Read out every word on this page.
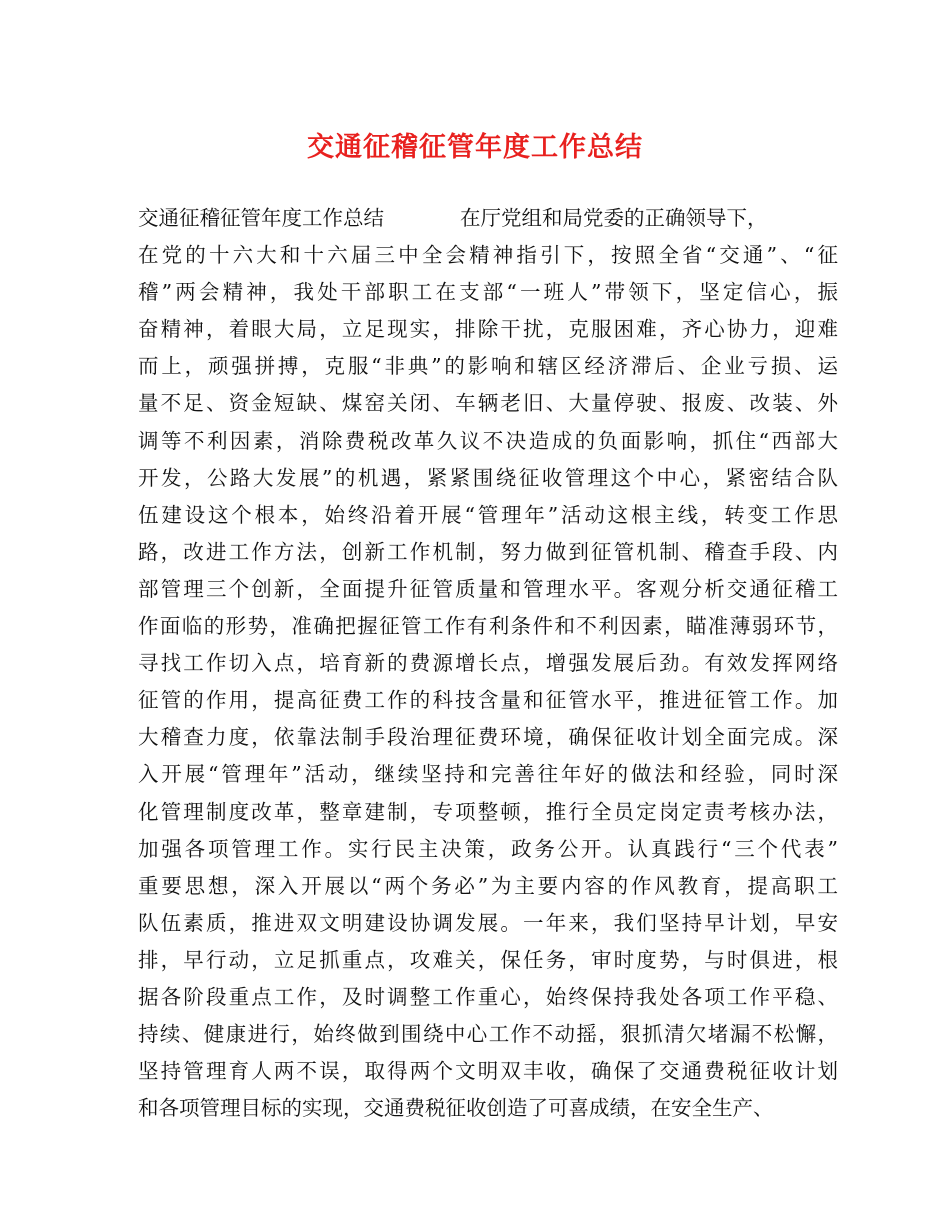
交通征稽征管年度工作总结
交通征稽征管年度工作总结	在厅党组和局党委的正确领导下，
在党的十六大和十六届三中全会精神指引下，按照全省“交通”、“征
稽”两会精神，我处干部职工在支部“一班人”带领下，坚定信心，振
奋精神，着眼大局，立足现实，排除干扰，克服困难，齐心协力，迎难
而上，顽强拼搏，克服“非典”的影响和辖区经济滞后、企业亏损、运
量不足、资金短缺、煤窑关闭、车辆老旧、大量停驶、报废、改装、外
调等不利因素，消除费税改革久议不决造成的负面影响，抓住“西部大
开发，公路大发展”的机遇，紧紧围绕征收管理这个中心，紧密结合队
伍建设这个根本，始终沿着开展“管理年”活动这根主线，转变工作思
路，改进工作方法，创新工作机制，努力做到征管机制、稽查手段、内
部管理三个创新，全面提升征管质量和管理水平。客观分析交通征稽工
作面临的形势，准确把握征管工作有利条件和不利因素，瞄准薄弱环节，
寻找工作切入点，培育新的费源增长点，增强发展后劲。有效发挥网络
征管的作用，提高征费工作的科技含量和征管水平，推进征管工作。加
大稽查力度，依靠法制手段治理征费环境，确保征收计划全面完成。深
入开展“管理年”活动，继续坚持和完善往年好的做法和经验，同时深
化管理制度改革，整章建制，专项整顿，推行全员定岗定责考核办法，
加强各项管理工作。实行民主决策，政务公开。认真践行“三个代表”
重要思想，深入开展以“两个务必”为主要内容的作风教育，提高职工
队伍素质，推进双文明建设协调发展。一年来，我们坚持早计划，早安
排，早行动，立足抓重点，攻难关，保任务，审时度势，与时俱进，根
据各阶段重点工作，及时调整工作重心，始终保持我处各项工作平稳、
持续、健康进行，始终做到围绕中心工作不动摇，狠抓清欠堵漏不松懈，
坚持管理育人两不误，取得两个文明双丰收，确保了交通费税征收计划
和各项管理目标的实现，交通费税征收创造了可喜成绩，在安全生产、
